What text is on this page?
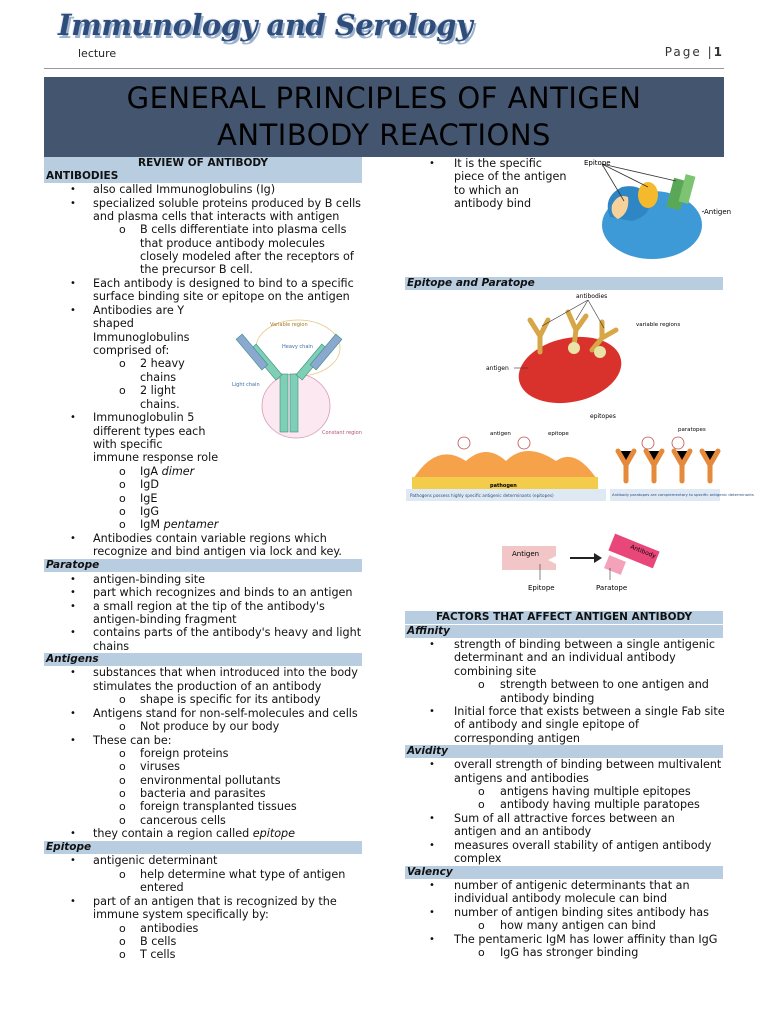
Immunology and Serology
lecture	Page |1
GENERAL PRINCIPLES OF ANTIGEN
ANTIBODY REACTIONS
REVIEW OF ANTIBODY
ANTIBODIES
also called Immunoglobulins (Ig)
•
specialized soluble proteins produced by B cells
•
and plasma cells that interacts with antigen
B cells differentiate into plasma cells
o
that produce antibody molecules
closely modeled after the receptors of
the precursor B cell.
Each antibody is designed to bind to a specific
•
surface binding site or epitope on the antigen
Antibodies are Y
•
shaped
Immunoglobulins
comprised of:
2 heavy
o
chains
2 light
o
chains.
Immunoglobulin 5
•
different types each
with specific
immune response role
IgA dimer
o
IgD
o
IgE
o
IgG
o
IgM pentamer
o
Antibodies contain variable regions which
•
recognize and bind antigen via lock and key.
antigen-binding site
•
part which recognizes and binds to an antigen
•
a small region at the tip of the antibody's
•
antigen-binding fragment
contains parts of the antibody's heavy and light
•
chains
substances that when introduced into the body
•
stimulates the production of an antibody
shape is specific for its antibody
o
Antigens stand for non-self-molecules and cells
•
Not produce by our body
o
These can be:
•
foreign proteins
o
viruses
o
environmental pollutants
o
bacteria and parasites
o
foreign transplanted tissues
o
cancerous cells
o
they contain a region called epitope
•
antigenic determinant
•
help determine what type of antigen
o
entered
part of an antigen that is recognized by the
•
immune system specifically by:
antibodies
o
B cells
o
T cells
o
Paratope
Antigens
Epitope
Epitope and Paratope
FACTORS THAT AFFECT ANTIGEN ANTIBODY
Affinity
Avidity
Valency
It is the specific
•
piece of the antigen
to which an
antibody bind
strength of binding between a single antigenic
•
determinant and an individual antibody
combining site
strength between to one antigen and
o
antibody binding
Initial force that exists between a single Fab site
•
of antibody and single epitope of
corresponding antigen
overall strength of binding between multivalent
•
antigens and antibodies
antigens having multiple epitopes
o
antibody having multiple paratopes
o
Sum of all attractive forces between an
•
antigen and an antibody
measures overall stability of antigen antibody
•
complex
number of antigenic determinants that an
•
individual antibody molecule can bind
number of antigen binding sites antibody has
•
how many antigen can bind
o
The pentameric IgM has lower affinity than IgG
•
IgG has stronger binding
o
Epitope
Antigen
Variable region
Heavy chain
Light chain
Constant region
antibodies
variable regions
antigen
epitopes
antigen	epitope
paratopes
pathogen
Pathogens possess highly specific antigenic determinants (epitopes)	Antibody paratopes are complementary to specific antigenic determinants
Antigen	Antibody
Epitope	Paratope
